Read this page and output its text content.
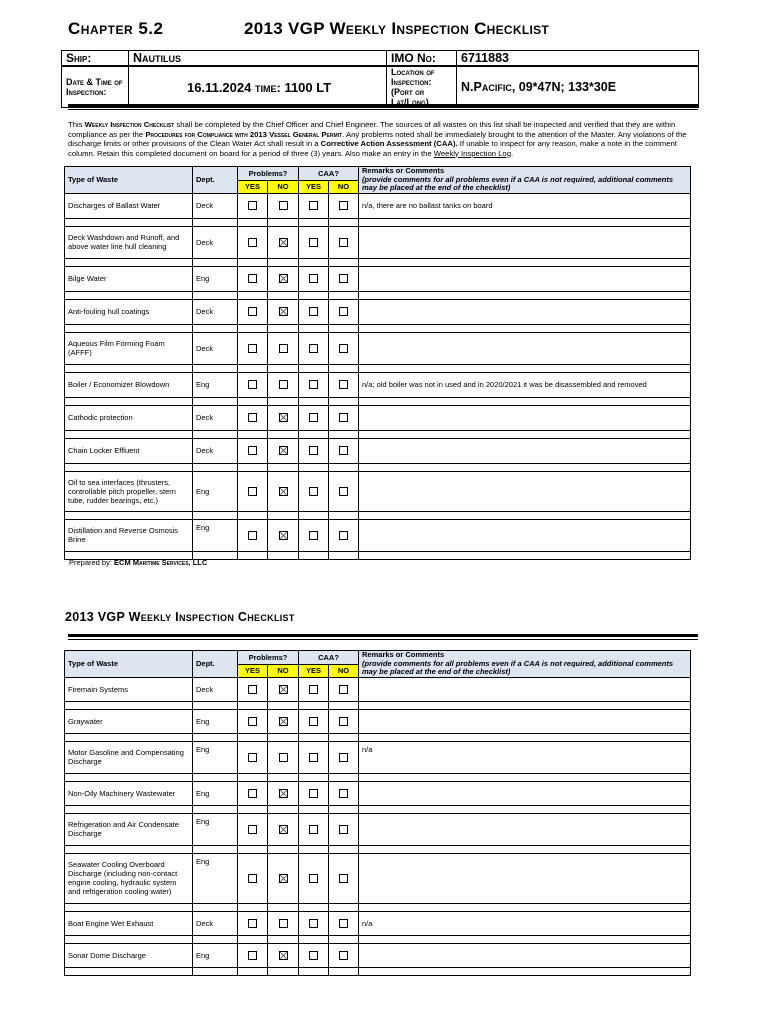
Chapter 5.2	2013 VGP Weekly Inspection Checklist
Ship:	Nautilus	IMO No:	6711883
Date & Time of Inspection:	16.11.2024 time: 1100 LT	Location of Inspection: (Port or Lat/Long)	N.Pacific, 09*47N; 133*30E
This Weekly Inspection Checklist shall be completed by the Chief Officer and Chief Engineer. The sources of all wastes on this list shall be inspected and verified that they are within compliance as per the Procedures for Compliance with 2013 Vessel General Permit. Any problems noted shall be immediately brought to the attention of the Master. Any violations of the discharge limits or other provisions of the Clean Water Act shall result in a Corrective Action Assessment (CAA). If unable to inspect for any reason, make a note in the comment column. Retain this completed document on board for a period of three (3) years. Also make an entry in the Weekly Inspection Log.
Type of Waste	Dept.	Problems?		CAA?		Remarks or Comments
(provide comments for all problems even if a CAA is not required, additional comments may be placed at the end of the checklist)
		YES	NO	YES	NO	
Discharges of Ballast Water	Deck					n/a, there are no ballast tanks on board

Deck Washdown and Runoff, and above water line hull cleaning	Deck					

Bilge Water	Eng					

Anti-fouling hull coatings	Deck					

Aqueous Film Forming Foam (AFFF)	Deck					

Boiler / Economizer Blowdown	Eng					n/a; old boiler was not in used and in 2020/2021 it was be disassembled and removed

Cathodic protection	Deck					

Chain Locker Effluent	Deck					

Oil to sea interfaces (thrusters, controllable pitch propeller, stern tube, rudder bearings, etc.)	Eng					

Distillation and Reverse Osmosis Brine	Eng					

Prepared by: ECM Maritime Services, LLC
2013 VGP Weekly Inspection Checklist
Type of Waste	Dept.	Problems?		CAA?		Remarks or Comments
(provide comments for all problems even if a CAA is not required, additional comments may be placed at the end of the checklist)
		YES	NO	YES	NO	
Firemain Systems	Deck					

Graywater	Eng					

Motor Gasoline and Compensating Discharge	Eng					n/a

Non-Oily Machinery Wastewater	Eng					

Refrigeration and Air Condensate Discharge	Eng					

Seawater Cooling Overboard Discharge (including non-contact engine cooling, hydraulic system and refrigeration cooling water)	Eng					

Boat Engine Wet Exhaust	Deck					n/a

Sonar Dome Discharge	Eng					
